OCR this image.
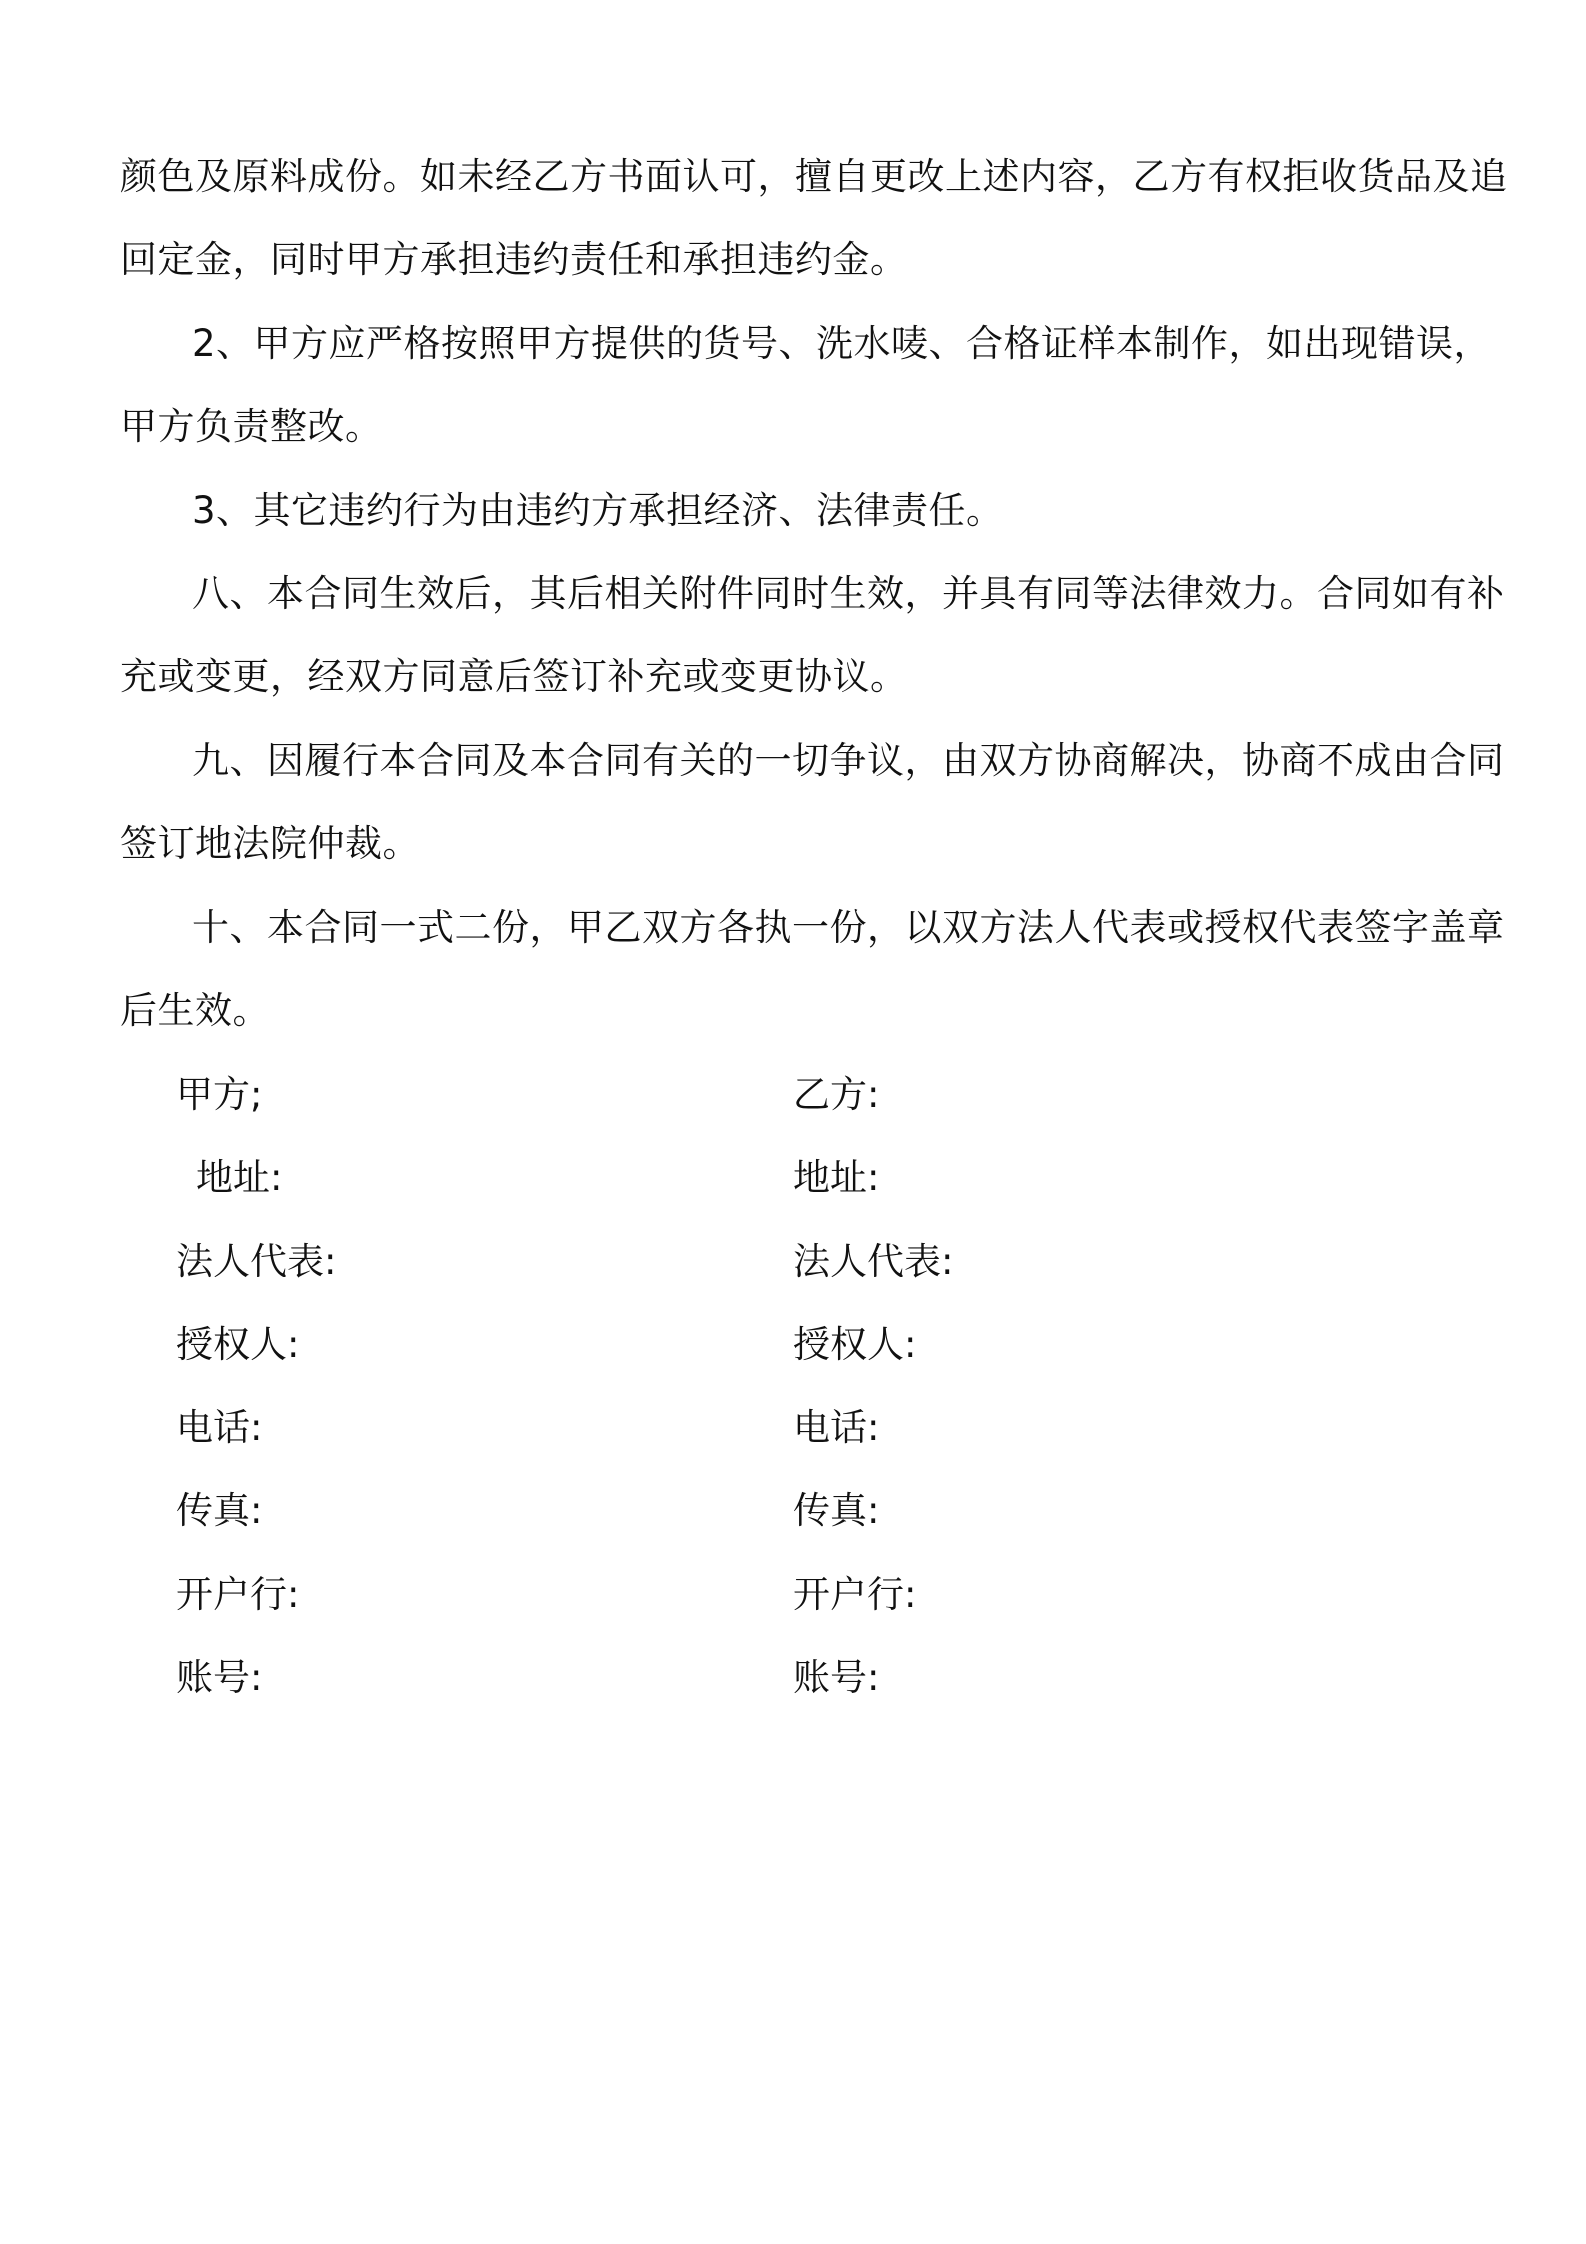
颜色及原料成份。如未经乙方书面认可，擅自更改上述内容，乙方有权拒收货品及追
回定金，同时甲方承担违约责任和承担违约金。
2、甲方应严格按照甲方提供的货号、洗水唛、合格证样本制作，如出现错误，
甲方负责整改。
3、其它违约行为由违约方承担经济、法律责任。
八、本合同生效后，其后相关附件同时生效，并具有同等法律效力。合同如有补
充或变更，经双方同意后签订补充或变更协议。
九、因履行本合同及本合同有关的一切争议，由双方协商解决，协商不成由合同
签订地法院仲裁。
十、本合同一式二份，甲乙双方各执一份，以双方法人代表或授权代表签字盖章
后生效。
甲方;
地址:
法人代表:
授权人:
电话:
传真:
开户行:
账号:
乙方:
地址:
法人代表:
授权人:
电话:
传真:
开户行:
账号:
